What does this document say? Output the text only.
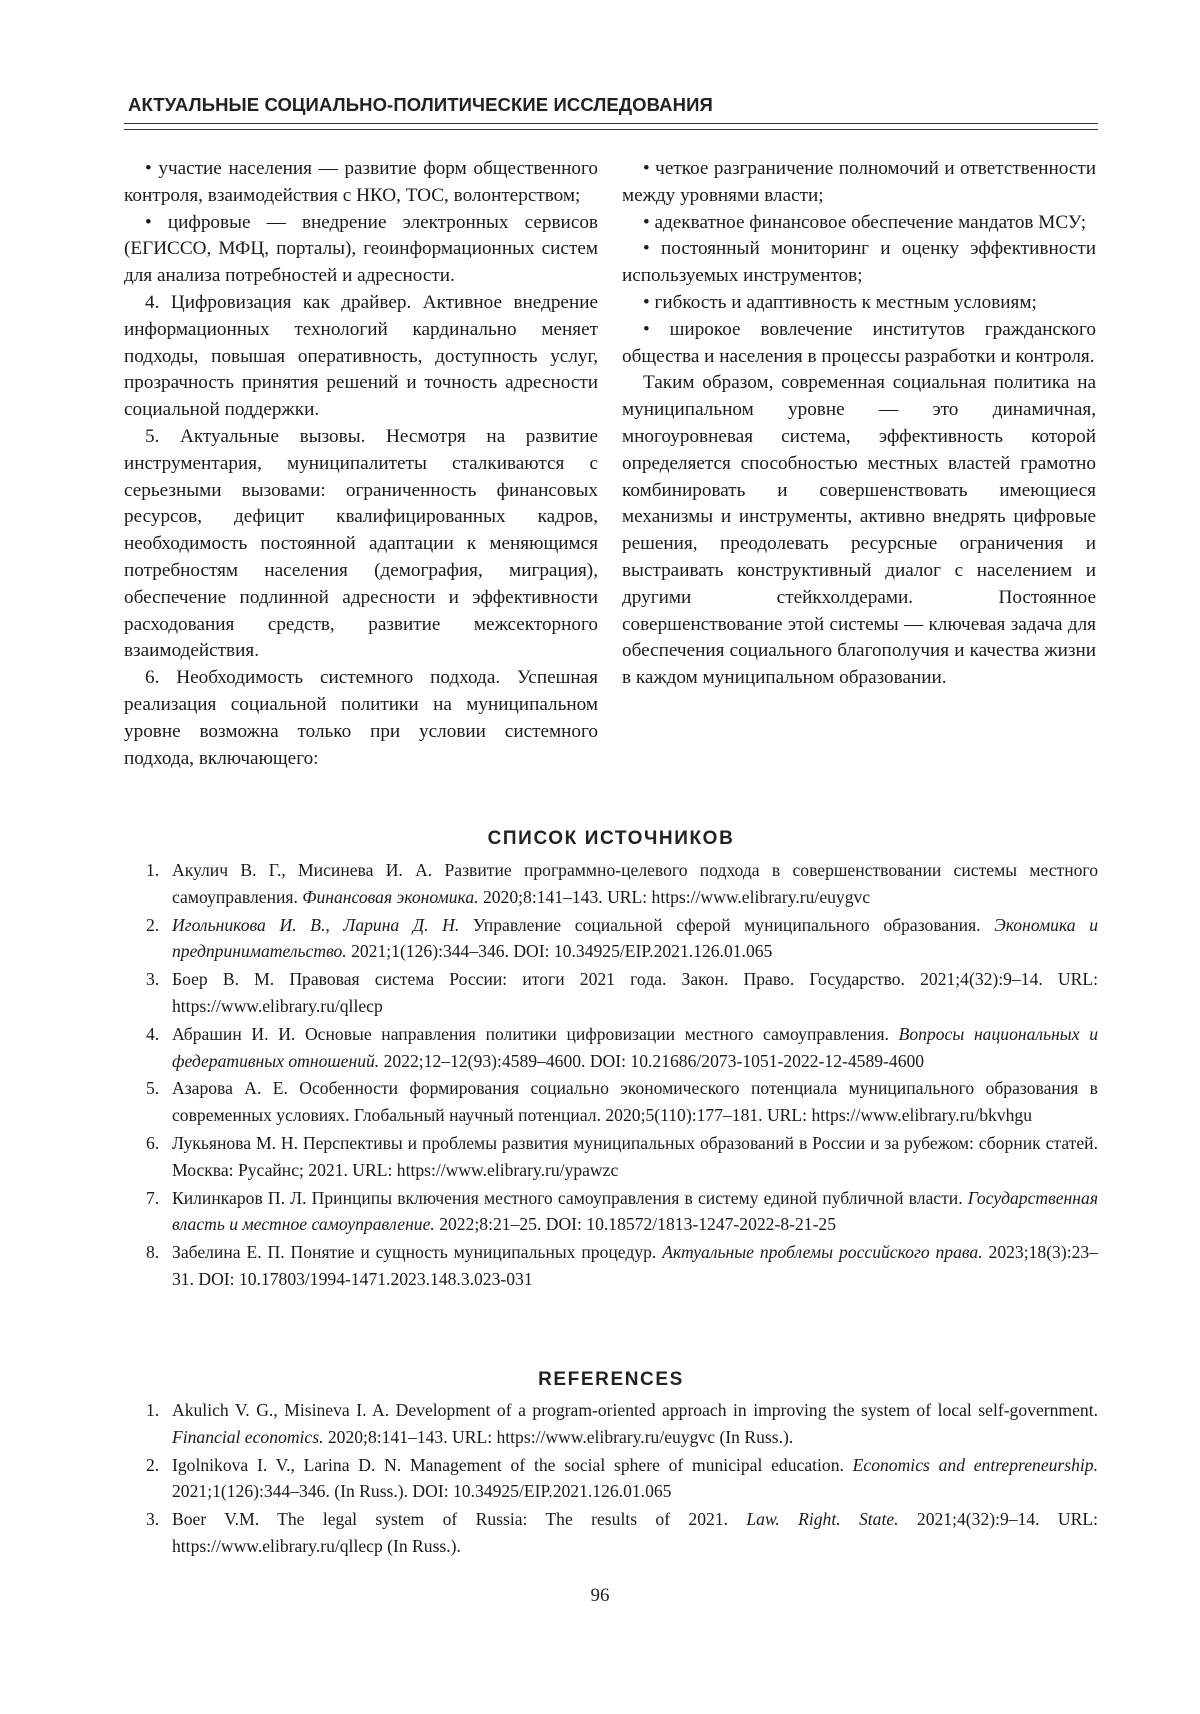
АКТУАЛЬНЫЕ СОЦИАЛЬНО-ПОЛИТИЧЕСКИЕ ИССЛЕДОВАНИЯ

• участие населения — развитие форм общественного контроля, взаимодействия с НКО, ТОС, волонтерством;

• цифровые — внедрение электронных сервисов (ЕГИССО, МФЦ, порталы), геоинформационных систем для анализа потребностей и адресности.

4. Цифровизация как драйвер. Активное внедрение информационных технологий кардинально меняет подходы, повышая оперативность, доступность услуг, прозрачность принятия решений и точность адресности социальной поддержки.

5. Актуальные вызовы. Несмотря на развитие инструментария, муниципалитеты сталкиваются с серьезными вызовами: ограниченность финансовых ресурсов, дефицит квалифицированных кадров, необходимость постоянной адаптации к меняющимся потребностям населения (демография, миграция), обеспечение подлинной адресности и эффективности расходования средств, развитие межсекторного взаимодействия.

6. Необходимость системного подхода. Успешная реализация социальной политики на муниципальном уровне возможна только при условии системного подхода, включающего:

• четкое разграничение полномочий и ответственности между уровнями власти;

• адекватное финансовое обеспечение мандатов МСУ;

• постоянный мониторинг и оценку эффективности используемых инструментов;

• гибкость и адаптивность к местным условиям;

• широкое вовлечение институтов гражданского общества и населения в процессы разработки и контроля.

Таким образом, современная социальная политика на муниципальном уровне — это динамичная, многоуровневая система, эффективность которой определяется способностью местных властей грамотно комбинировать и совершенствовать имеющиеся механизмы и инструменты, активно внедрять цифровые решения, преодолевать ресурсные ограничения и выстраивать конструктивный диалог с населением и другими стейкхолдерами. Постоянное совершенствование этой системы — ключевая задача для обеспечения социального благополучия и качества жизни в каждом муниципальном образовании.

СПИСОК ИСТОЧНИКОВ
1. Акулич В. Г., Мисинева И. А. Развитие программно-целевого подхода в совершенствовании системы местного самоуправления. Финансовая экономика. 2020;8:141–143. URL: https://www.elibrary.ru/euygvc
2. Игольникова И. В., Ларина Д. Н. Управление социальной сферой муниципального образования. Экономика и предпринимательство. 2021;1(126):344–346. DOI: 10.34925/EIP.2021.126.01.065
3. Боер В. М. Правовая система России: итоги 2021 года. Закон. Право. Государство. 2021;4(32):9–14. URL: https://www.elibrary.ru/qllecp
4. Абрашин И. И. Основые направления политики цифровизации местного самоуправления. Вопросы национальных и федеративных отношений. 2022;12–12(93):4589–4600. DOI: 10.21686/2073-1051-2022-12-4589-4600
5. Азарова А. Е. Особенности формирования социально экономического потенциала муниципального образования в современных условиях. Глобальный научный потенциал. 2020;5(110):177–181. URL: https://www.elibrary.ru/bkvhgu
6. Лукьянова М. Н. Перспективы и проблемы развития муниципальных образований в России и за рубежом: сборник статей. Москва: Русайнс; 2021. URL: https://www.elibrary.ru/ypawzc
7. Килинкаров П. Л. Принципы включения местного самоуправления в систему единой публичной власти. Государственная власть и местное самоуправление. 2022;8:21–25. DOI: 10.18572/1813-1247-2022-8-21-25
8. Забелина Е. П. Понятие и сущность муниципальных процедур. Актуальные проблемы российского права. 2023;18(3):23–31. DOI: 10.17803/1994-1471.2023.148.3.023-031
REFERENCES
1. Akulich V. G., Misineva I. A. Development of a program-oriented approach in improving the system of local self-government. Financial economics. 2020;8:141–143. URL: https://www.elibrary.ru/euygvc (In Russ.).
2. Igolnikova I. V., Larina D. N. Management of the social sphere of municipal education. Economics and entrepreneurship. 2021;1(126):344–346. (In Russ.). DOI: 10.34925/EIP.2021.126.01.065
3. Boer V.M. The legal system of Russia: The results of 2021. Law. Right. State. 2021;4(32):9–14. URL: https://www.elibrary.ru/qllecp (In Russ.).
96
